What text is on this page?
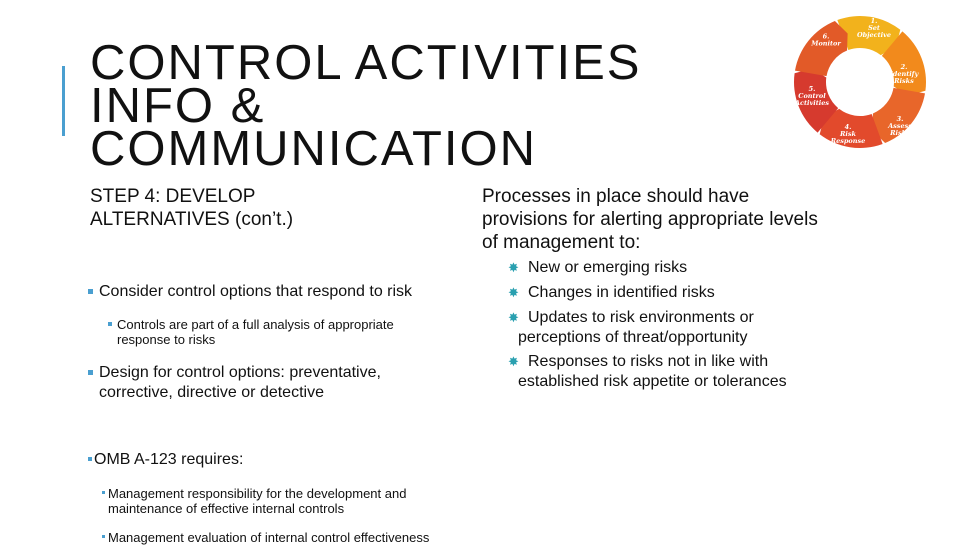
CONTROL ACTIVITIES
INFO &
COMMUNICATION
STEP 4: DEVELOP
ALTERNATIVES (con’t.)
Consider control options that respond to risk
Controls are part of a full analysis of appropriate response to risks
Design for control options: preventative, corrective, directive or detective
OMB A-123 requires:
Management responsibility for the development and maintenance of effective internal controls
Management evaluation of internal control effectiveness
Processes in place should have provisions for alerting appropriate levels of management to:
✸ New or emerging risks
✸ Changes in identified risks
✸ Updates to risk environments or perceptions of threat/opportunity
✸ Responses to risks not in like with established risk appetite or tolerances
1. Set Objective
2. Identify Risks
3. Assess Risks
4. Risk Response
5. Control Activities
6. Monitor
